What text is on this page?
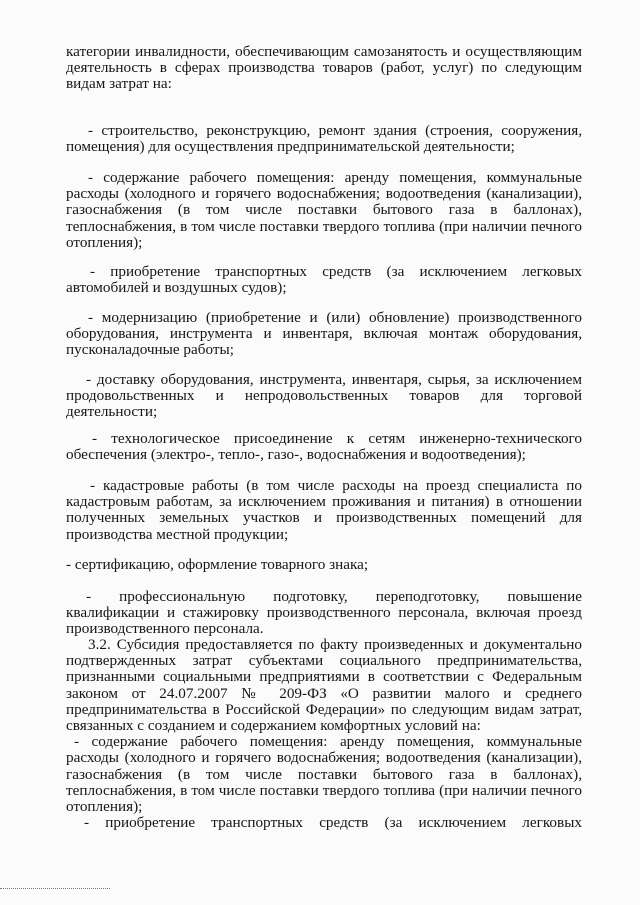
категории инвалидности, обеспечивающим самозанятость и осуществляющим
деятельность в сферах производства товаров (работ, услуг) по следующим
видам затрат на:
- строительство, реконструкцию, ремонт здания (строения, сооружения,
помещения) для осуществления предпринимательской деятельности;
- содержание рабочего помещения: аренду помещения, коммунальные
расходы (холодного и горячего водоснабжения; водоотведения (канализации),
газоснабжения (в том числе поставки бытового газа в баллонах),
теплоснабжения, в том числе поставки твердого топлива (при наличии печного
отопления);
- приобретение транспортных средств (за исключением легковых
автомобилей и воздушных судов);
- модернизацию (приобретение и (или) обновление) производственного
оборудования, инструмента и инвентаря, включая монтаж оборудования,
пусконаладочные работы;
- доставку оборудования, инструмента, инвентаря, сырья, за исключением
продовольственных и непродовольственных товаров для торговой
деятельности;
- технологическое присоединение к сетям инженерно-технического
обеспечения (электро-, тепло-, газо-, водоснабжения и водоотведения);
- кадастровые работы (в том числе расходы на проезд специалиста по
кадастровым работам, за исключением проживания и питания) в отношении
полученных земельных участков и производственных помещений для
производства местной продукции;
- сертификацию, оформление товарного знака;
- профессиональную подготовку, переподготовку, повышение
квалификации и стажировку производственного персонала, включая проезд
производственного персонала.
3.2. Субсидия предоставляется по факту произведенных и документально
подтвержденных затрат субъектами социального предпринимательства,
признанными социальными предприятиями в соответствии с Федеральным
законом от 24.07.2007 № 209-ФЗ «О развитии малого и среднего
предпринимательства в Российской Федерации» по следующим видам затрат,
связанных с созданием и содержанием комфортных условий на:
- содержание рабочего помещения: аренду помещения, коммунальные
расходы (холодного и горячего водоснабжения; водоотведения (канализации),
газоснабжения (в том числе поставки бытового газа в баллонах),
теплоснабжения, в том числе поставки твердого топлива (при наличии печного
отопления);
- приобретение транспортных средств (за исключением легковых
